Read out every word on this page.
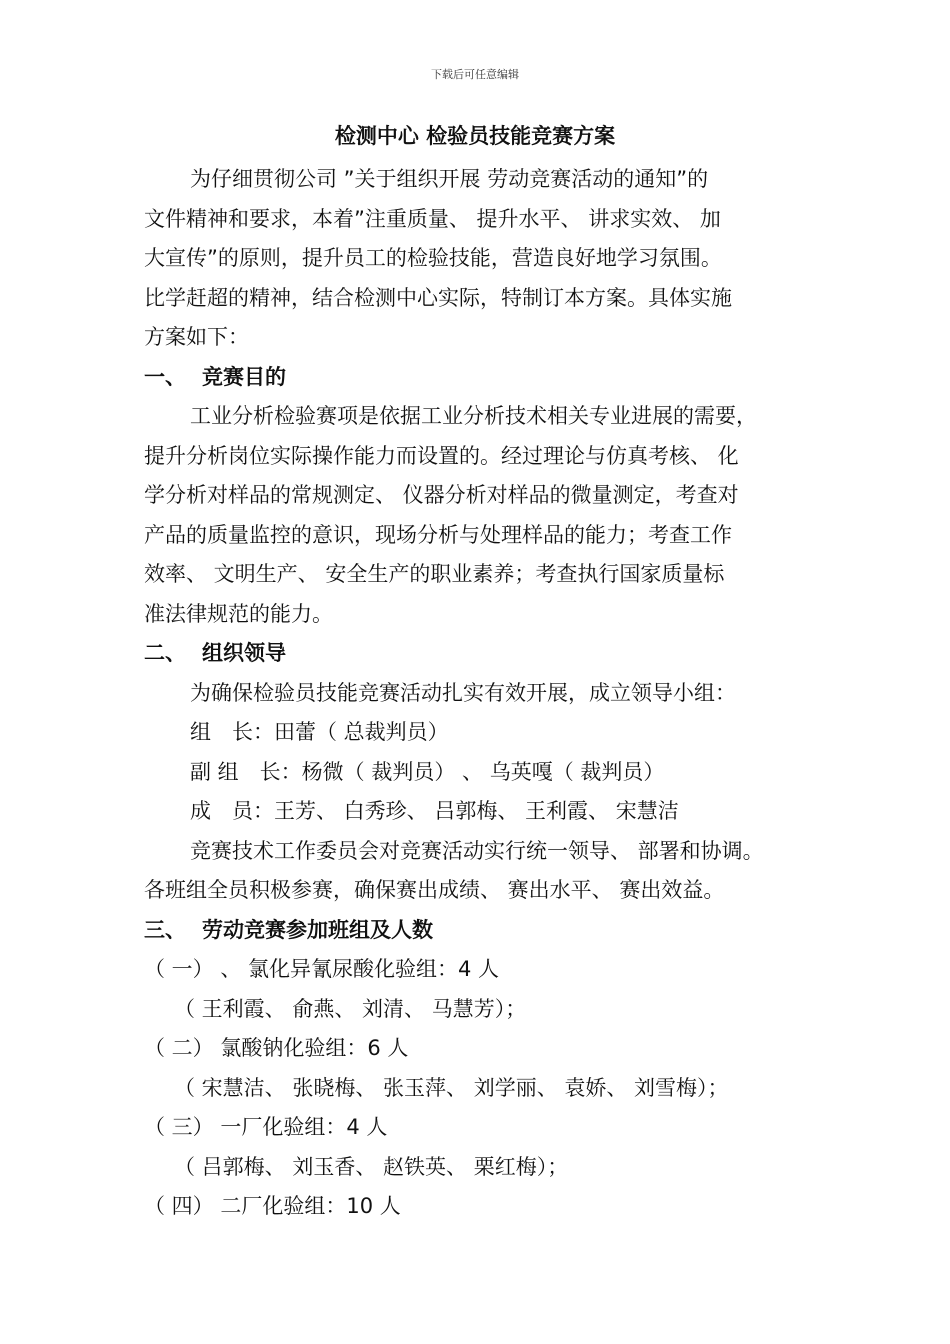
下载后可任意编辑
检测中心 检验员技能竞赛方案
为仔细贯彻公司 ”关于组织开展 劳动竞赛活动的通知”的
文件精神和要求，本着”注重质量、 提升水平、 讲求实效、 加
大宣传”的原则，提升员工的检验技能，营造良好地学习氛围。
比学赶超的精神，结合检测中心实际，特制订本方案。具体实施
方案如下：
一、 竞赛目的
工业分析检验赛项是依据工业分析技术相关专业进展的需要，
提升分析岗位实际操作能力而设置的。经过理论与仿真考核、 化
学分析对样品的常规测定、 仪器分析对样品的微量测定，考查对
产品的质量监控的意识，现场分析与处理样品的能力；考查工作
效率、 文明生产、 安全生产的职业素养；考查执行国家质量标
准法律规范的能力。
二、 组织领导
为确保检验员技能竞赛活动扎实有效开展，成立领导小组：
组　长：田蕾（ 总裁判员）
副 组　长：杨微（ 裁判员） 、 乌英嘎（ 裁判员）
成　员：王芳、 白秀珍、 吕郭梅、 王利霞、 宋慧洁
竞赛技术工作委员会对竞赛活动实行统一领导、 部署和协调。
各班组全员积极参赛，确保赛出成绩、 赛出水平、 赛出效益。
三、 劳动竞赛参加班组及人数
（ 一） 、 氯化异氰尿酸化验组：4 人
（ 王利霞、 俞燕、 刘清、 马慧芳）；
（ 二） 氯酸钠化验组：6 人
（ 宋慧洁、 张晓梅、 张玉萍、 刘学丽、 袁娇、 刘雪梅）；
（ 三） 一厂化验组：4 人
（ 吕郭梅、 刘玉香、 赵铁英、 栗红梅）；
（ 四） 二厂化验组：10 人
